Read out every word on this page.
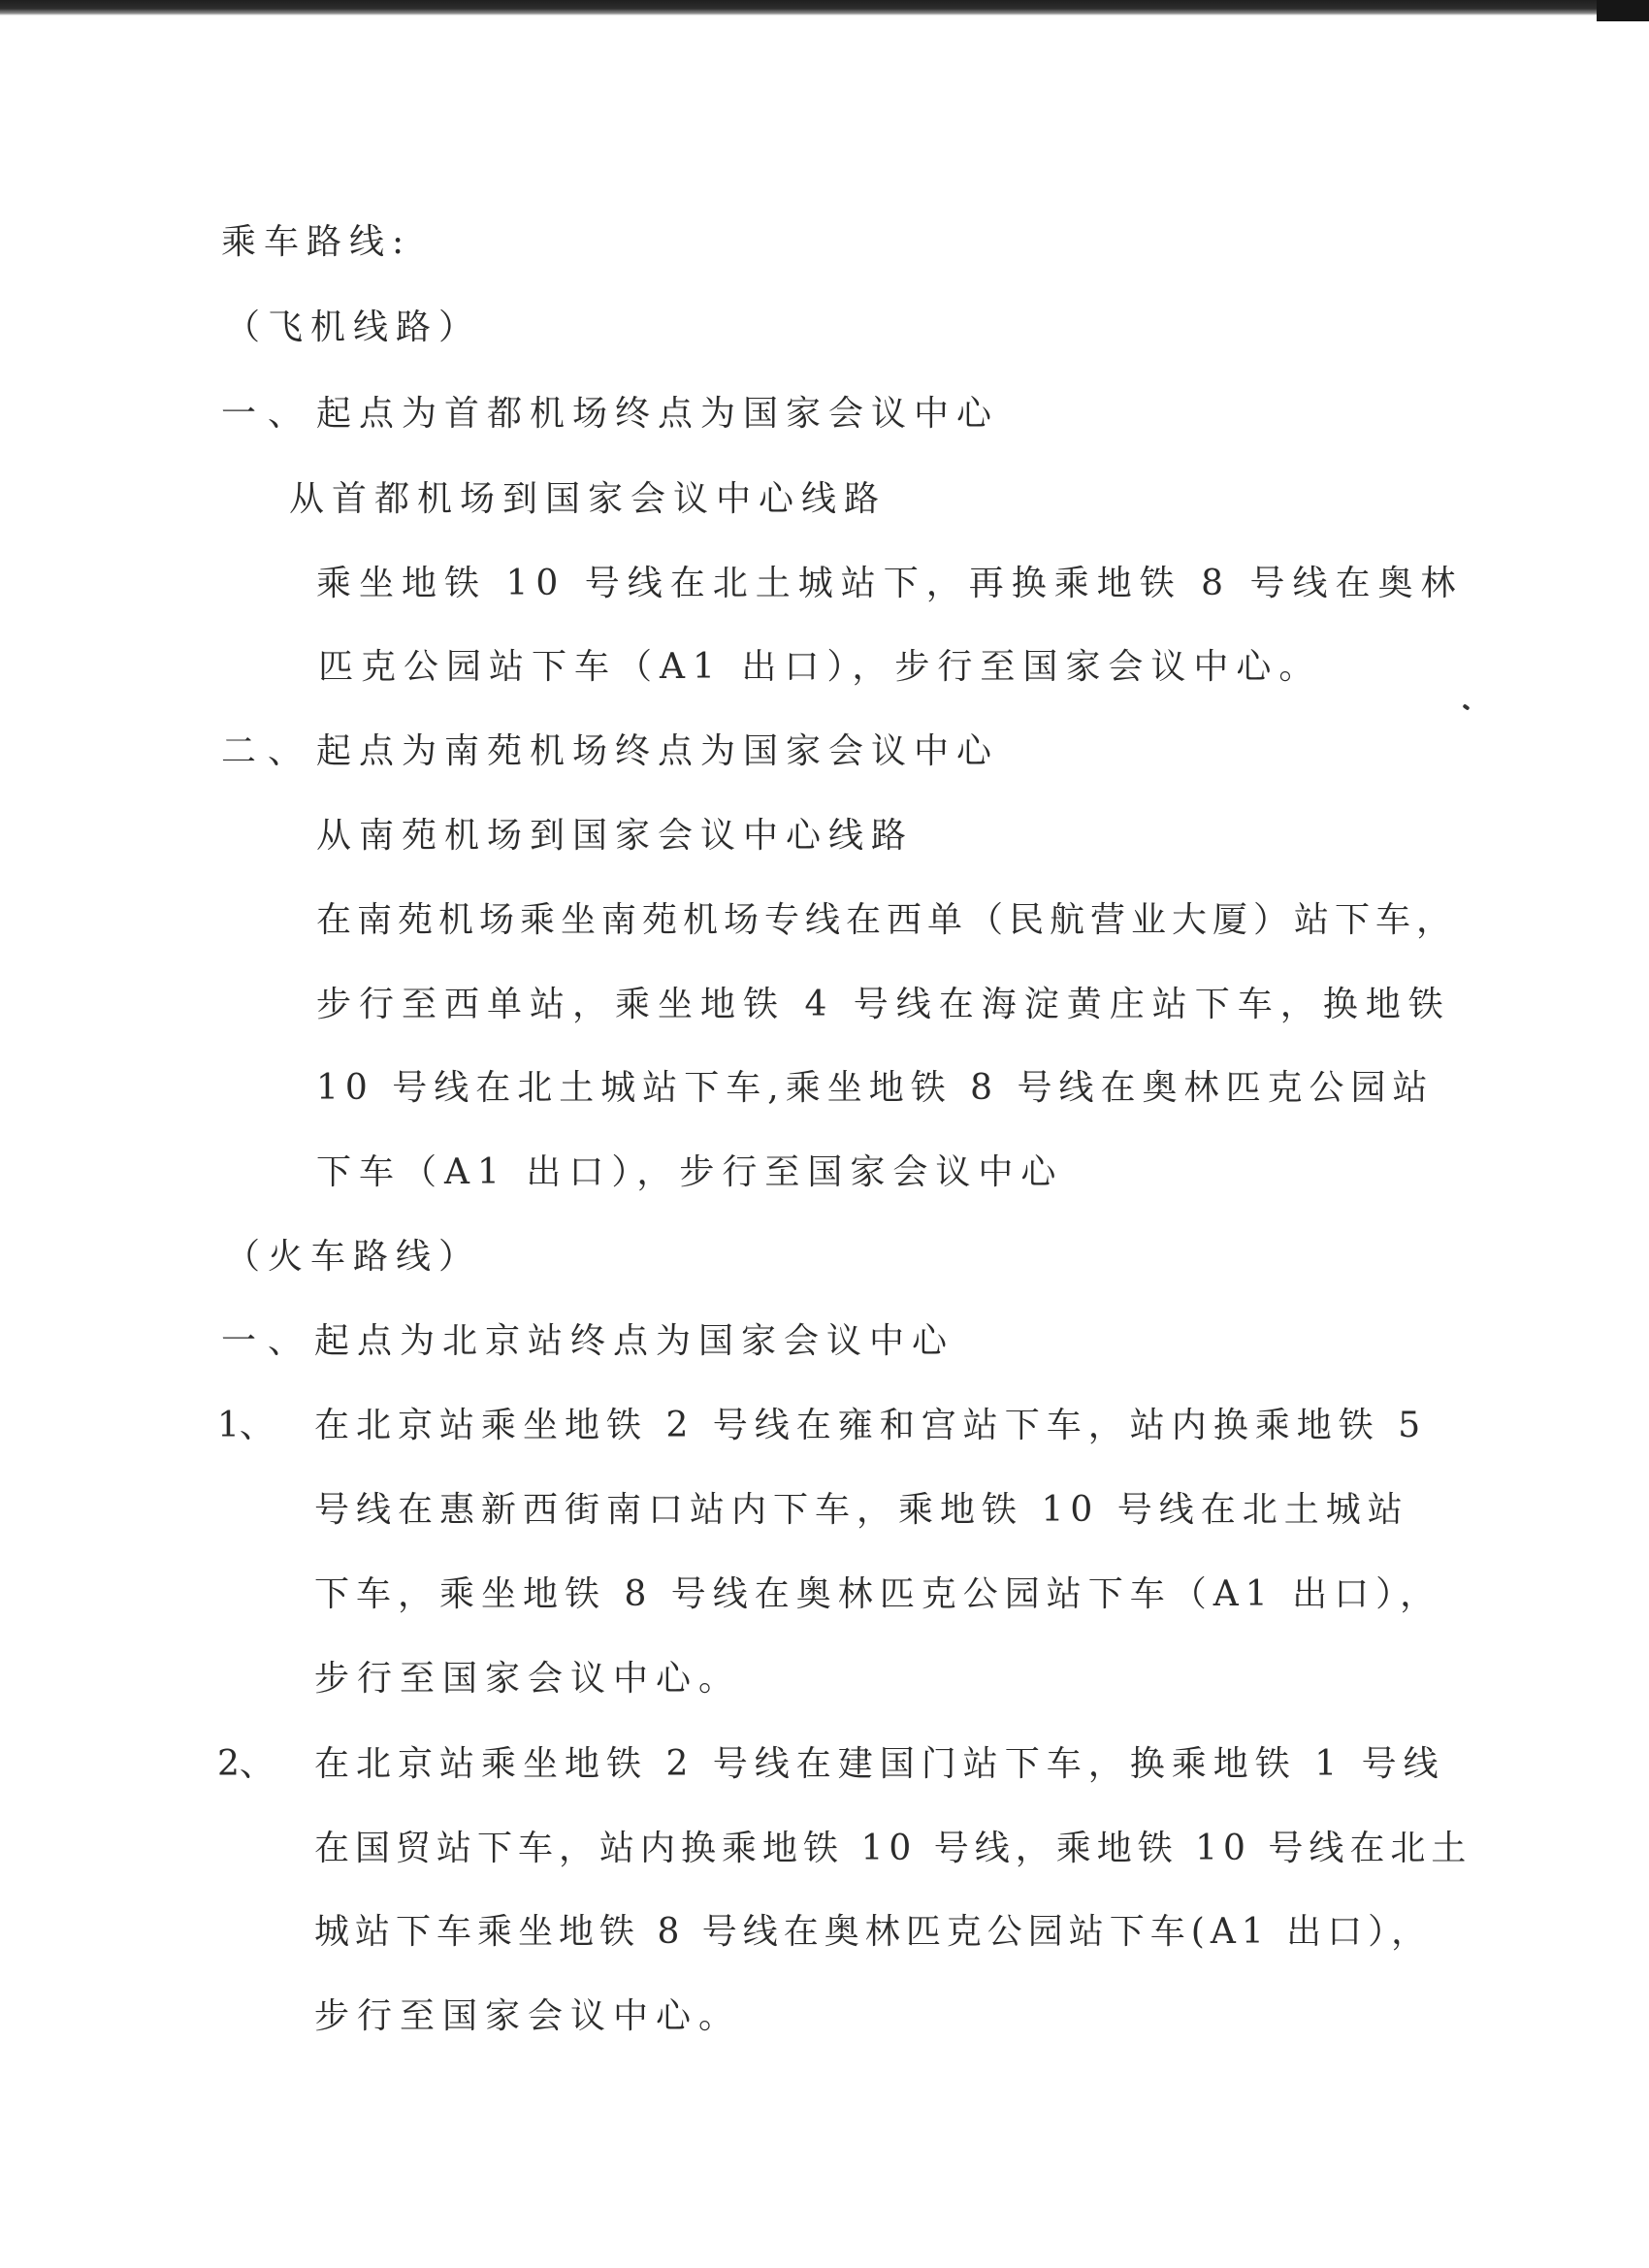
乘车路线:
（飞机线路）
一、 起点为首都机场终点为国家会议中心
从首都机场到国家会议中心线路
乘坐地铁 10 号线在北土城站下，再换乘地铁 8 号线在奥林
匹克公园站下车（A1 出口），步行至国家会议中心。
二、 起点为南苑机场终点为国家会议中心
从南苑机场到国家会议中心线路
在南苑机场乘坐南苑机场专线在西单（民航营业大厦）站下车，
步行至西单站，乘坐地铁 4 号线在海淀黄庄站下车，换地铁
10 号线在北土城站下车,乘坐地铁 8 号线在奥林匹克公园站
下车（A1 出口），步行至国家会议中心
（火车路线）
一、 起点为北京站终点为国家会议中心
1、 在北京站乘坐地铁 2 号线在雍和宫站下车，站内换乘地铁 5
号线在惠新西街南口站内下车，乘地铁 10 号线在北土城站
下车，乘坐地铁 8 号线在奥林匹克公园站下车（A1 出口），
步行至国家会议中心。
2、 在北京站乘坐地铁 2 号线在建国门站下车，换乘地铁 1 号线
在国贸站下车，站内换乘地铁 10 号线，乘地铁 10 号线在北土
城站下车乘坐地铁 8 号线在奥林匹克公园站下车(A1 出口），
步行至国家会议中心。
